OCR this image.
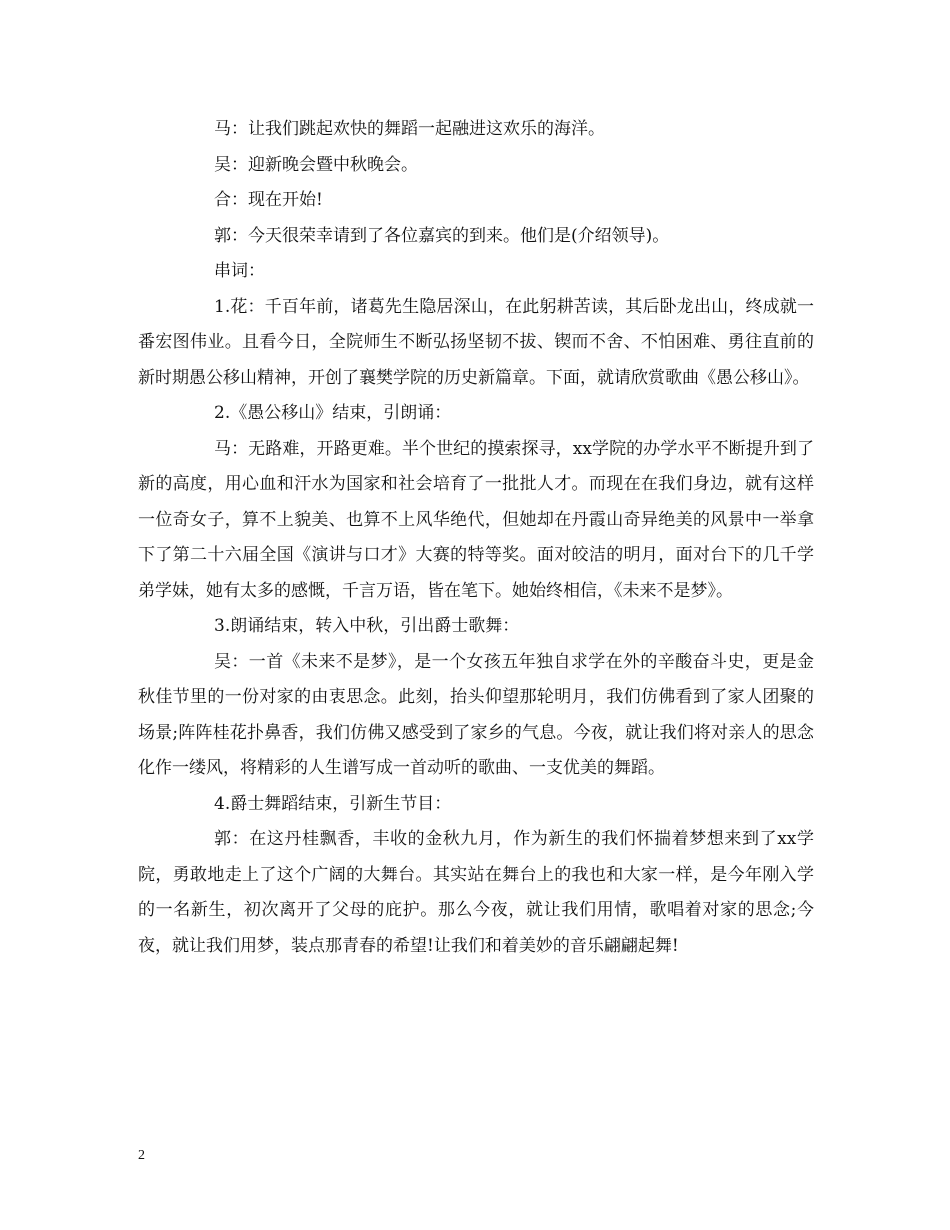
马：让我们跳起欢快的舞蹈一起融进这欢乐的海洋。

吴：迎新晚会暨中秋晚会。

合：现在开始!

郭：今天很荣幸请到了各位嘉宾的到来。他们是(介绍领导)。

串词：

1.花：千百年前，诸葛先生隐居深山，在此躬耕苦读，其后卧龙出山，终成就一番宏图伟业。且看今日，全院师生不断弘扬坚韧不拔、锲而不舍、不怕困难、勇往直前的新时期愚公移山精神，开创了襄樊学院的历史新篇章。下面，就请欣赏歌曲《愚公移山》。

2.《愚公移山》结束，引朗诵：

马：无路难，开路更难。半个世纪的摸索探寻，xx学院的办学水平不断提升到了新的高度，用心血和汗水为国家和社会培育了一批批人才。而现在在我们身边，就有这样一位奇女子，算不上貌美、也算不上风华绝代，但她却在丹霞山奇异绝美的风景中一举拿下了第二十六届全国《演讲与口才》大赛的特等奖。面对皎洁的明月，面对台下的几千学弟学妹，她有太多的感慨，千言万语，皆在笔下。她始终相信，《未来不是梦》。

3.朗诵结束，转入中秋，引出爵士歌舞：

吴：一首《未来不是梦》，是一个女孩五年独自求学在外的辛酸奋斗史，更是金秋佳节里的一份对家的由衷思念。此刻，抬头仰望那轮明月，我们仿佛看到了家人团聚的场景;阵阵桂花扑鼻香，我们仿佛又感受到了家乡的气息。今夜，就让我们将对亲人的思念化作一缕风，将精彩的人生谱写成一首动听的歌曲、一支优美的舞蹈。

4.爵士舞蹈结束，引新生节目：

郭：在这丹桂飘香，丰收的金秋九月，作为新生的我们怀揣着梦想来到了xx学院，勇敢地走上了这个广阔的大舞台。其实站在舞台上的我也和大家一样，是今年刚入学的一名新生，初次离开了父母的庇护。那么今夜，就让我们用情，歌唱着对家的思念;今夜，就让我们用梦，装点那青春的希望!让我们和着美妙的音乐翩翩起舞!

2
